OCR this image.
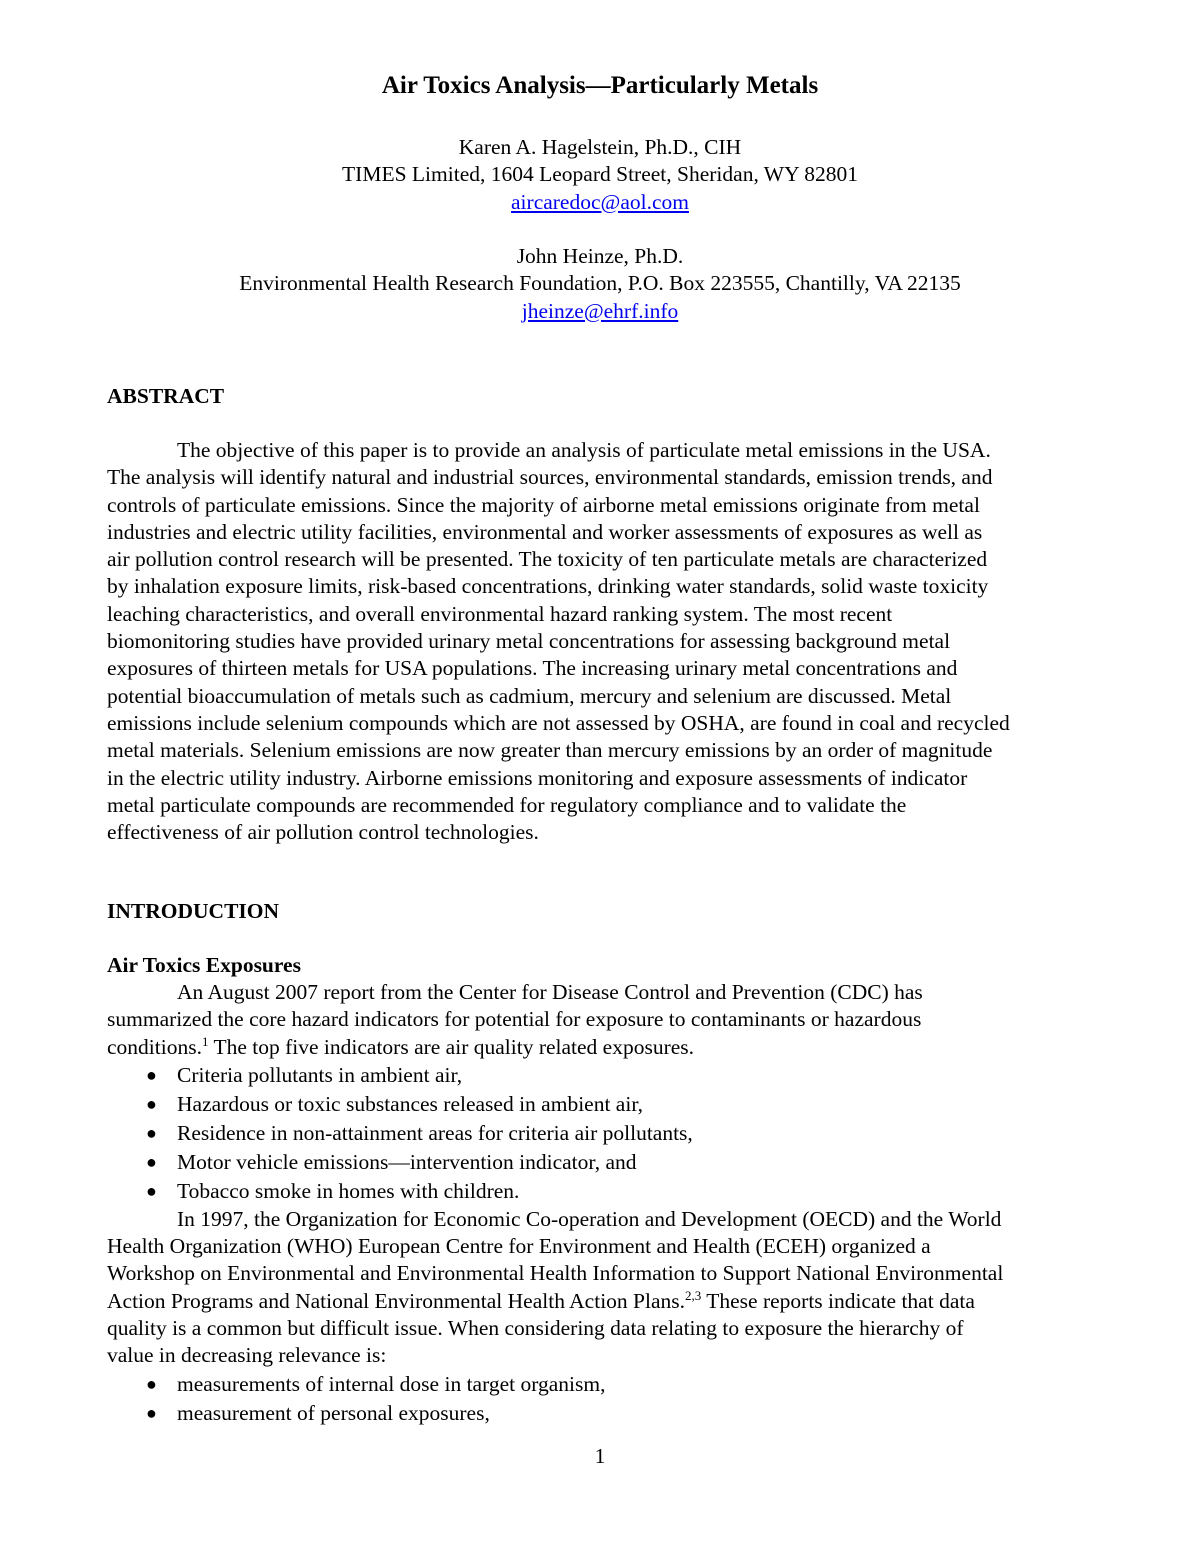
Air Toxics Analysis—Particularly Metals
Karen A. Hagelstein, Ph.D., CIH
TIMES Limited, 1604 Leopard Street, Sheridan, WY 82801
aircaredoc@aol.com
John Heinze, Ph.D.
Environmental Health Research Foundation, P.O. Box 223555, Chantilly, VA 22135
jheinze@ehrf.info
ABSTRACT
The objective of this paper is to provide an analysis of particulate metal emissions in the USA.
The analysis will identify natural and industrial sources, environmental standards, emission trends, and
controls of particulate emissions. Since the majority of airborne metal emissions originate from metal
industries and electric utility facilities, environmental and worker assessments of exposures as well as
air pollution control research will be presented. The toxicity of ten particulate metals are characterized
by inhalation exposure limits, risk-based concentrations, drinking water standards, solid waste toxicity
leaching characteristics, and overall environmental hazard ranking system. The most recent
biomonitoring studies have provided urinary metal concentrations for assessing background metal
exposures of thirteen metals for USA populations. The increasing urinary metal concentrations and
potential bioaccumulation of metals such as cadmium, mercury and selenium are discussed. Metal
emissions include selenium compounds which are not assessed by OSHA, are found in coal and recycled
metal materials. Selenium emissions are now greater than mercury emissions by an order of magnitude
in the electric utility industry. Airborne emissions monitoring and exposure assessments of indicator
metal particulate compounds are recommended for regulatory compliance and to validate the
effectiveness of air pollution control technologies.
INTRODUCTION
Air Toxics Exposures
An August 2007 report from the Center for Disease Control and Prevention (CDC) has
summarized the core hazard indicators for potential for exposure to contaminants or hazardous
conditions.$^1$ The top five indicators are air quality related exposures.
● Criteria pollutants in ambient air,
● Hazardous or toxic substances released in ambient air,
● Residence in non-attainment areas for criteria air pollutants,
● Motor vehicle emissions—intervention indicator, and
● Tobacco smoke in homes with children.
In 1997, the Organization for Economic Co-operation and Development (OECD) and the World
Health Organization (WHO) European Centre for Environment and Health (ECEH) organized a
Workshop on Environmental and Environmental Health Information to Support National Environmental
Action Programs and National Environmental Health Action Plans.$^{2,3}$ These reports indicate that data
quality is a common but difficult issue. When considering data relating to exposure the hierarchy of
value in decreasing relevance is:
● measurements of internal dose in target organism,
● measurement of personal exposures,
1
